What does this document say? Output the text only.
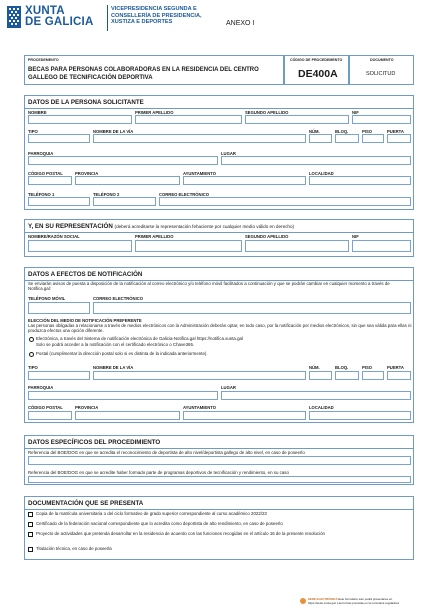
XUNTA
DE GALICIA
VICEPRESIDENCIA SEGUNDA E
CONSELLERÍA DE PRESIDENCIA,
XUSTIZA E DEPORTES	ANEXO I
PROCEDEMENTO
BECAS PARA PERSONAS COLABORADORAS EN LA RESIDENCIA DEL CENTRO
GALLEGO DE TECNIFICACIÓN DEPORTIVA
CÓDIGO DE PROCEDEMENTO
DE400A
DOCUMENTO
SOLICITUD
DATOS DE LA PERSONA SOLICITANTE
NOMBRE	PRIMER APELLIDO	SEGUNDO APELLIDO	NIF
TIPO	NOMBRE DE LA VÍA	NÚM.	BLOQ.	PISO	PUERTA
PARROQUIA	LUGAR
CÓDIGO POSTAL	PROVINCIA	AYUNTAMIENTO	LOCALIDAD
TELÉFONO 1	TELÉFONO 2	CORREO ELECTRÓNICO
Y, EN SU REPRESENTACIÓN (deberá acreditarse la representación fehaciente por cualquier medio válido en derecho)
NOMBRE/RAZÓN SOCIAL	PRIMER APELLIDO	SEGUNDO APELLIDO	NIF
DATOS A EFECTOS DE NOTIFICACIÓN
Se enviarán avisos de puesta a disposición de la notificación al correo electrónico y/o teléfono móvil facilitados a continuación y que se podrán cambiar en cualquier momento a través de Notifica.gal:
TELÉFONO MÓVIL	CORREO ELECTRÓNICO
ELECCIÓN DEL MEDIO DE NOTIFICACIÓN PREFERENTE
Las personas obligadas a relacionarse a través de medios electrónicos con la Administración deberán optar, en todo caso, por la notificación por medios electrónicos, sin que sea válida para ellas ni produzca efectos una opción diferente.
Electrónica, a través del Sistema de notificación electrónica de Galicia-Notifica.gal https://notifica.xunta.gal
Solo se podrá acceder a la notificación con el certificado electrónico o Chave365.
Postal (cumplimentar la dirección postal solo si es distinta de la indicada anteriormente).
TIPO	NOMBRE DE LA VÍA	NÚM.	BLOQ.	PISO	PUERTA
PARROQUIA	LUGAR
CÓDIGO POSTAL	PROVINCIA	AYUNTAMIENTO	LOCALIDAD
DATOS ESPECÍFICOS DEL PROCEDIMIENTO
Referencia del BOE/DOG en que se acredita el reconocimiento de deportista de alto nivel/deportista gallego de alto nivel, en caso de poseerlo
Referencia del BOE/DOG en que se acredite haber formado parte de programas deportivos de tecnificación y rendimiento, en su caso
DOCUMENTACIÓN QUE SE PRESENTA
Copia de la matrícula universitaria o del ciclo formativo de grado superior correspondiente al curso académico 2022/23
Certificado de la federación nacional correspondiente que lo acredita como deportista de alto rendimiento, en caso de poseerlo
Proyecto de actividades que pretenda desarrollar en la residencia de acuerdo con las funciones recogidas en el artículo 16 de la presente resolución
Titulación técnica, en caso de poseerla
SEDE ELECTRÓNICA Este formulario solo podrá presentarse en https://sede.xunta.gal. Las formas previstas en la normativa reguladora
